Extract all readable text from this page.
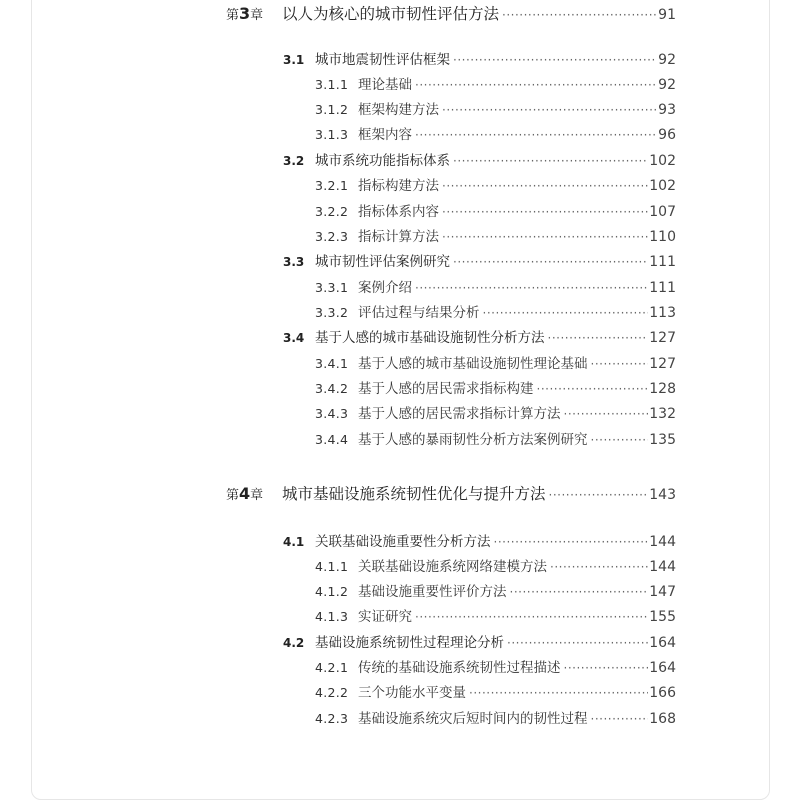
第3章	以人为核心的城市韧性评估方法 ·····	91
3.1 城市地震韧性评估框架 ·····	92
3.1.1 理论基础 ·····	92
3.1.2 框架构建方法 ·····	93
3.1.3 框架内容 ·····	96
3.2 城市系统功能指标体系 ·····	102
3.2.1 指标构建方法 ·····	102
3.2.2 指标体系内容 ·····	107
3.2.3 指标计算方法 ·····	110
3.3 城市韧性评估案例研究 ·····	111
3.3.1 案例介绍 ·····	111
3.3.2 评估过程与结果分析 ·····	113
3.4 基于人感的城市基础设施韧性分析方法 ·····	127
3.4.1 基于人感的城市基础设施韧性理论基础 ·····	127
3.4.2 基于人感的居民需求指标构建 ·····	128
3.4.3 基于人感的居民需求指标计算方法 ·····	132
3.4.4 基于人感的暴雨韧性分析方法案例研究 ·····	135
第4章	城市基础设施系统韧性优化与提升方法 ·····	143
4.1 关联基础设施重要性分析方法 ·····	144
4.1.1 关联基础设施系统网络建模方法 ·····	144
4.1.2 基础设施重要性评价方法 ·····	147
4.1.3 实证研究 ·····	155
4.2 基础设施系统韧性过程理论分析 ·····	164
4.2.1 传统的基础设施系统韧性过程描述 ·····	164
4.2.2 三个功能水平变量 ·····	166
4.2.3 基础设施系统灾后短时间内的韧性过程 ·····	168
